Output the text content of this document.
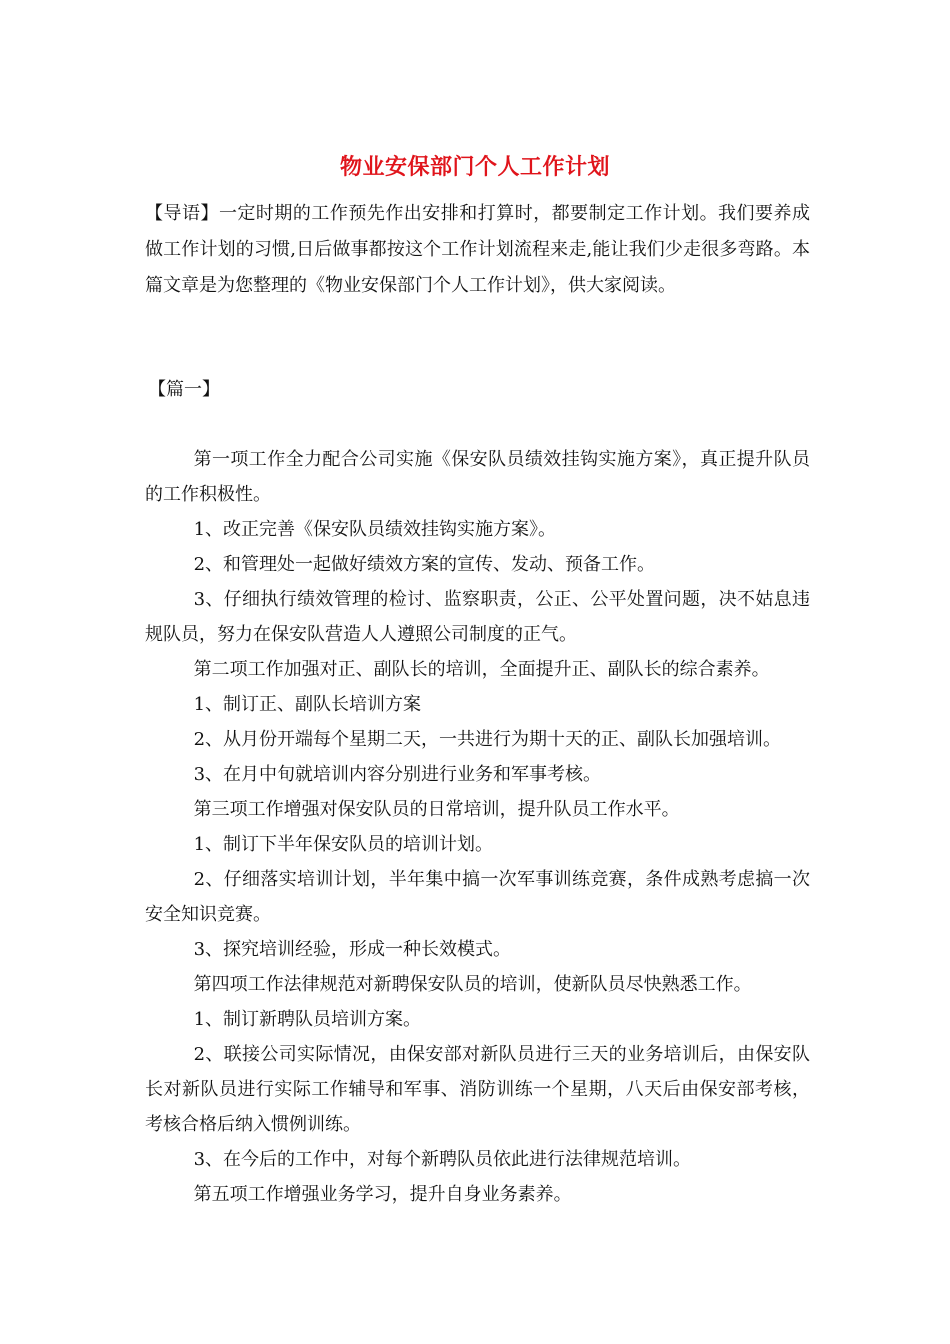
物业安保部门个人工作计划

【导语】一定时期的工作预先作出安排和打算时，都要制定工作计划。我们要养成做工作计划的习惯,日后做事都按这个工作计划流程来走,能让我们少走很多弯路。本篇文章是为您整理的《物业安保部门个人工作计划》，供大家阅读。

【篇一】

第一项工作全力配合公司实施《保安队员绩效挂钩实施方案》，真正提升队员的工作积极性。

1、改正完善《保安队员绩效挂钩实施方案》。

2、和管理处一起做好绩效方案的宣传、发动、预备工作。

3、仔细执行绩效管理的检讨、监察职责，公正、公平处置问题，决不姑息违规队员，努力在保安队营造人人遵照公司制度的正气。

第二项工作加强对正、副队长的培训，全面提升正、副队长的综合素养。

1、制订正、副队长培训方案

2、从月份开端每个星期二天，一共进行为期十天的正、副队长加强培训。

3、在月中旬就培训内容分别进行业务和军事考核。

第三项工作增强对保安队员的日常培训，提升队员工作水平。

1、制订下半年保安队员的培训计划。

2、仔细落实培训计划，半年集中搞一次军事训练竞赛，条件成熟考虑搞一次安全知识竞赛。

3、探究培训经验，形成一种长效模式。

第四项工作法律规范对新聘保安队员的培训，使新队员尽快熟悉工作。

1、制订新聘队员培训方案。

2、联接公司实际情况，由保安部对新队员进行三天的业务培训后，由保安队长对新队员进行实际工作辅导和军事、消防训练一个星期，八天后由保安部考核，考核合格后纳入惯例训练。

3、在今后的工作中，对每个新聘队员依此进行法律规范培训。

第五项工作增强业务学习，提升自身业务素养。
